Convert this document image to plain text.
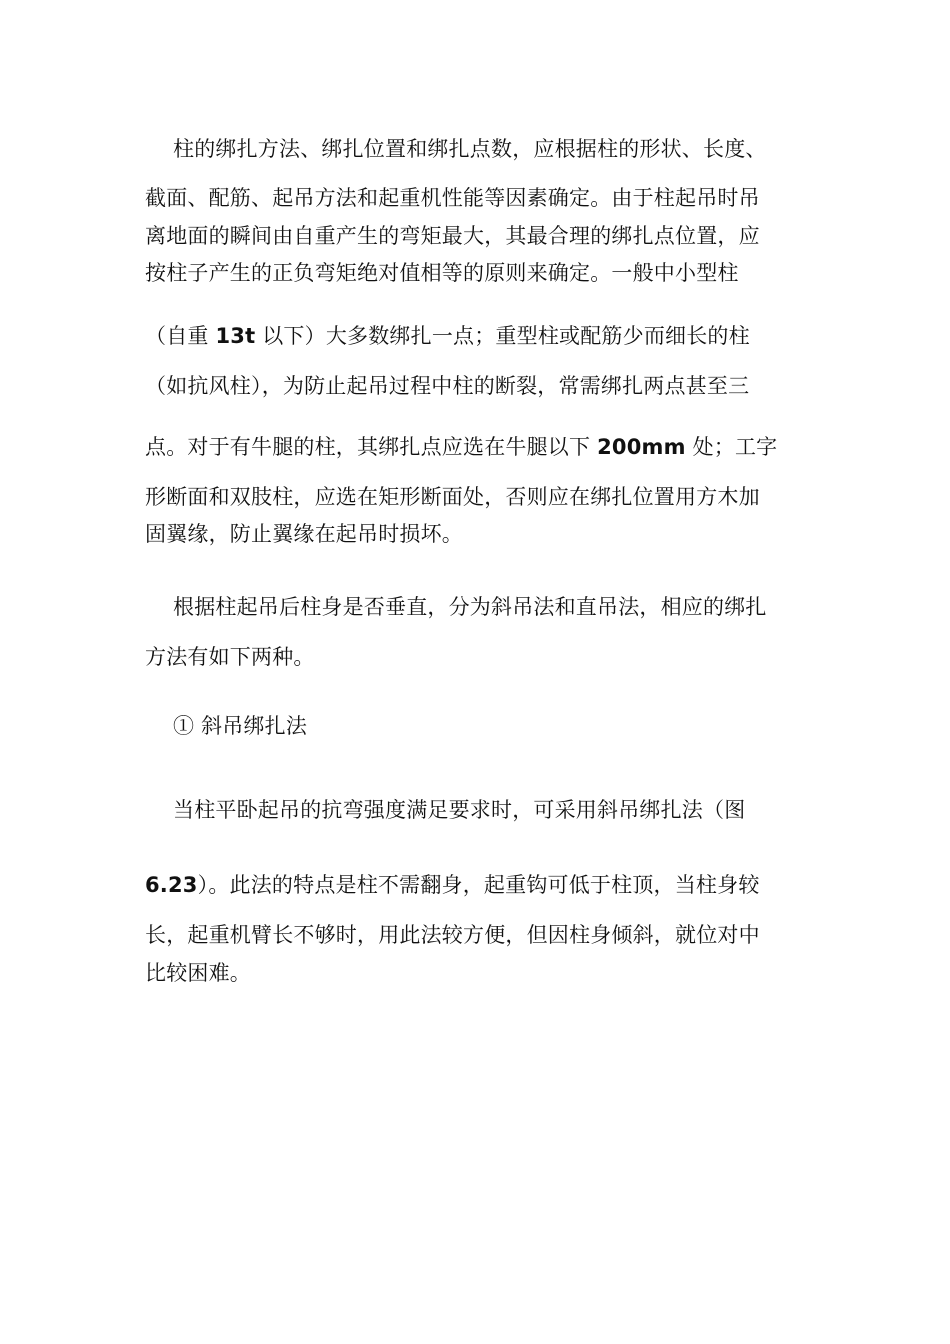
柱的绑扎方法、绑扎位置和绑扎点数，应根据柱的形状、长度、
截面、配筋、起吊方法和起重机性能等因素确定。由于柱起吊时吊
离地面的瞬间由自重产生的弯矩最大，其最合理的绑扎点位置，应
按柱子产生的正负弯矩绝对值相等的原则来确定。一般中小型柱
（自重 13t 以下）大多数绑扎一点；重型柱或配筋少而细长的柱
（如抗风柱），为防止起吊过程中柱的断裂，常需绑扎两点甚至三
点。对于有牛腿的柱，其绑扎点应选在牛腿以下 200mm 处；工字
形断面和双肢柱，应选在矩形断面处，否则应在绑扎位置用方木加
固翼缘，防止翼缘在起吊时损坏。
根据柱起吊后柱身是否垂直，分为斜吊法和直吊法，相应的绑扎
方法有如下两种。
① 斜吊绑扎法
当柱平卧起吊的抗弯强度满足要求时，可采用斜吊绑扎法（图
6.23）。此法的特点是柱不需翻身，起重钩可低于柱顶，当柱身较
长，起重机臂长不够时，用此法较方便，但因柱身倾斜，就位对中
比较困难。
